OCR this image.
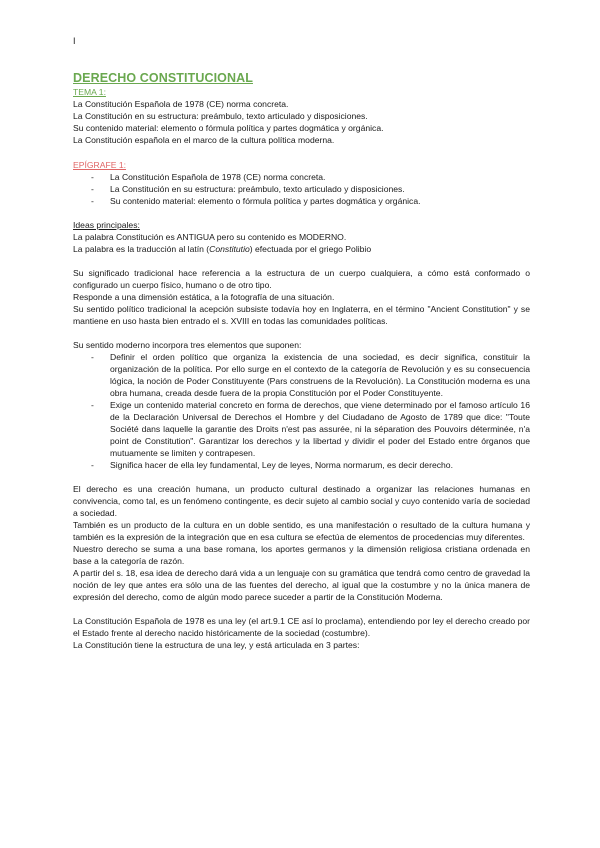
I
DERECHO CONSTITUCIONAL
TEMA 1:

La Constitución Española de 1978 (CE) norma concreta.

La Constitución en su estructura: preámbulo, texto articulado y disposiciones.

Su contenido material: elemento o fórmula política y partes dogmática y orgánica.

La Constitución española en el marco de la cultura política moderna.

EPÍGRAFE 1:
- La Constitución Española de 1978 (CE) norma concreta.
- La Constitución en su estructura: preámbulo, texto articulado y disposiciones.
- Su contenido material: elemento o fórmula política y partes dogmática y orgánica.
Ideas principales:

La palabra Constitución es ANTIGUA pero su contenido es MODERNO.

La palabra es la traducción al latín (Constitutio) efectuada por el griego Polibio

Su significado tradicional hace referencia a la estructura de un cuerpo cualquiera, a cómo está conformado o configurado un cuerpo físico, humano o de otro tipo.

Responde a una dimensión estática, a la fotografía de una situación.

Su sentido político tradicional la acepción subsiste todavía hoy en Inglaterra, en el término "Ancient Constitution" y se mantiene en uso hasta bien entrado el s. XVIII en todas las comunidades políticas.

Su sentido moderno incorpora tres elementos que suponen:

- Definir el orden político que organiza la existencia de una sociedad, es decir significa, constituir la organización de la política. Por ello surge en el contexto de la categoría de Revolución y es su consecuencia lógica, la noción de Poder Constituyente (Pars construens de la Revolución). La Constitución moderna es una obra humana, creada desde fuera de la propia Constitución por el Poder Constituyente.
- Exige un contenido material concreto en forma de derechos, que viene determinado por el famoso artículo 16 de la Declaración Universal de Derechos el Hombre y del Ciudadano de Agosto de 1789 que dice: "Toute Société dans laquelle la garantie des Droits n'est pas assurée, ni la séparation des Pouvoirs déterminée, n'a point de Constitution". Garantizar los derechos y la libertad y dividir el poder del Estado entre órganos que mutuamente se limiten y contrapesen.
- Significa hacer de ella ley fundamental, Ley de leyes, Norma normarum, es decir derecho.

El derecho es una creación humana, un producto cultural destinado a organizar las relaciones humanas en convivencia, como tal, es un fenómeno contingente, es decir sujeto al cambio social y cuyo contenido varía de sociedad a sociedad.

También es un producto de la cultura en un doble sentido, es una manifestación o resultado de la cultura humana y también es la expresión de la integración que en esa cultura se efectúa de elementos de procedencias muy diferentes.

Nuestro derecho se suma a una base romana, los aportes germanos y la dimensión religiosa cristiana ordenada en base a la categoría de razón.

A partir del s. 18, esa idea de derecho dará vida a un lenguaje con su gramática que tendrá como centro de gravedad la noción de ley que antes era sólo una de las fuentes del derecho, al igual que la costumbre y no la única manera de expresión del derecho, como de algún modo parece suceder a partir de la Constitución Moderna.

La Constitución Española de 1978 es una ley (el art.9.1 CE así lo proclama), entendiendo por ley el derecho creado por el Estado frente al derecho nacido históricamente de la sociedad (costumbre).

La Constitución tiene la estructura de una ley, y está articulada en 3 partes:
